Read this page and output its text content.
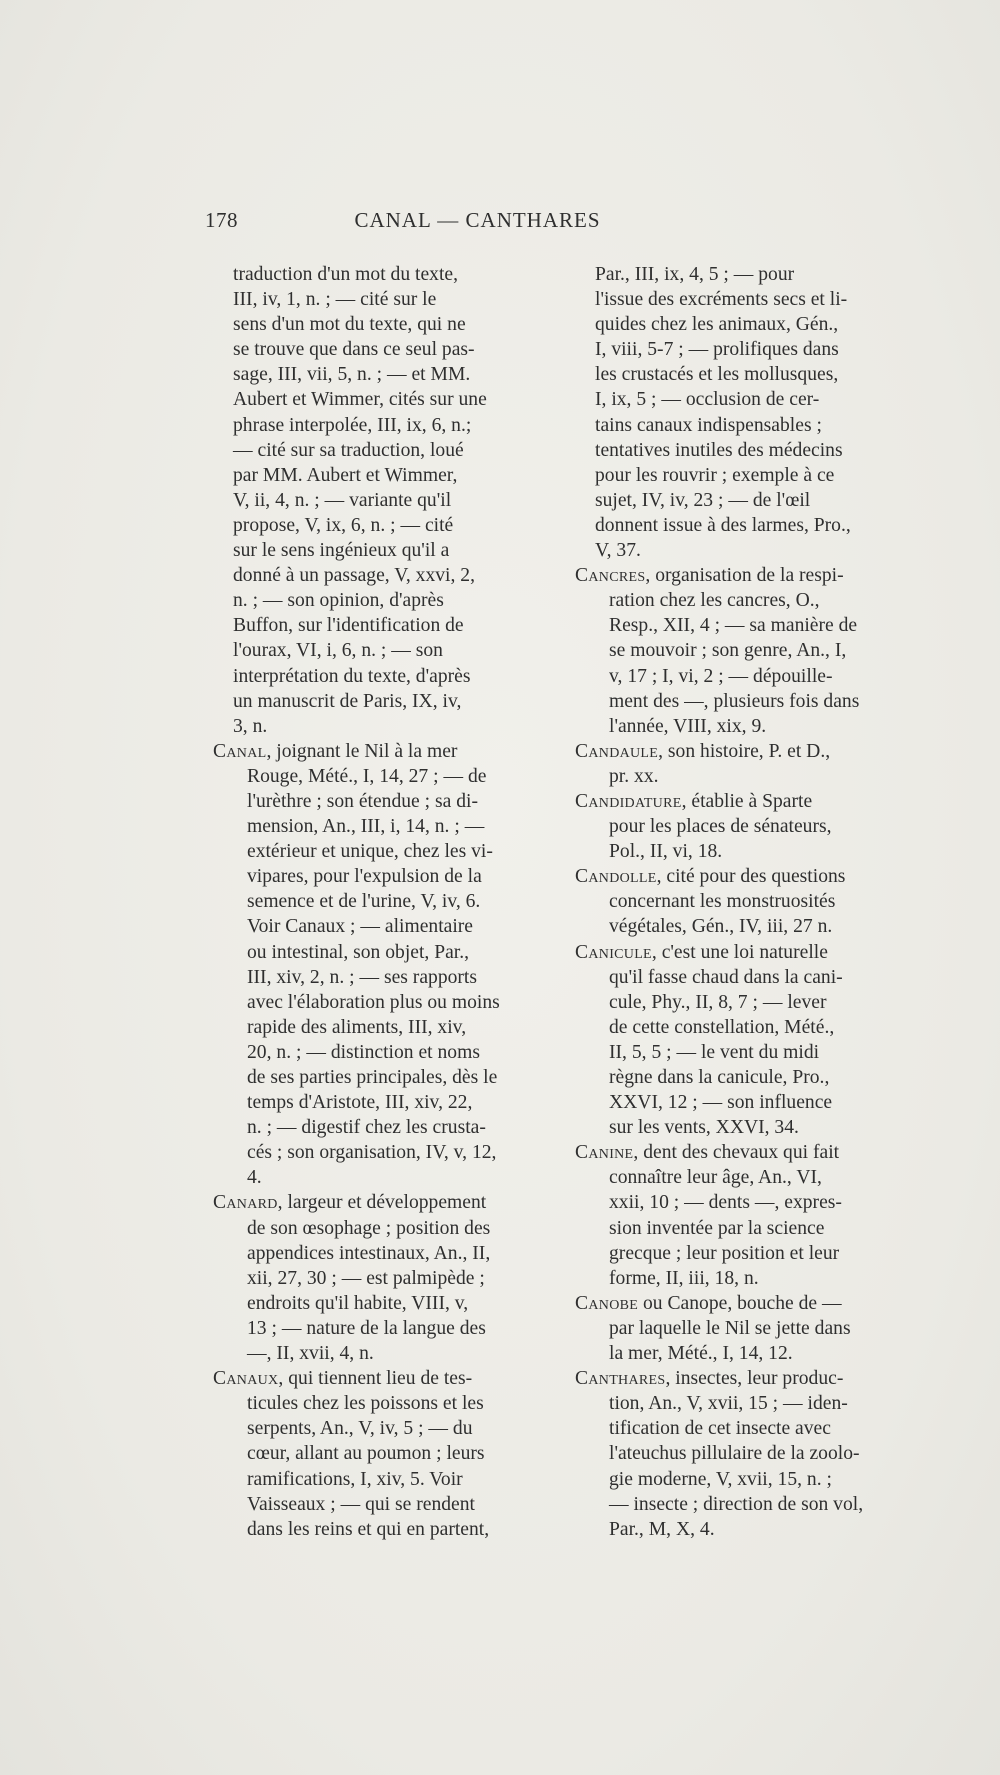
178	CANAL — CANTHARES
traduction d'un mot du texte,
III, iv, 1, n. ; — cité sur le
sens d'un mot du texte, qui ne
se trouve que dans ce seul pas-
sage, III, vii, 5, n. ; — et MM.
Aubert et Wimmer, cités sur une
phrase interpolée, III, ix, 6, n.;
— cité sur sa traduction, loué
par MM. Aubert et Wimmer,
V, ii, 4, n. ; — variante qu'il
propose, V, ix, 6, n. ; — cité
sur le sens ingénieux qu'il a
donné à un passage, V, xxvi, 2,
n. ; — son opinion, d'après
Buffon, sur l'identification de
l'ourax, VI, i, 6, n. ; — son
interprétation du texte, d'après
un manuscrit de Paris, IX, iv,
3, n.
Canal, joignant le Nil à la mer
Rouge, Mété., I, 14, 27 ; — de
l'urèthre ; son étendue ; sa di-
mension, An., III, i, 14, n. ; —
extérieur et unique, chez les vi-
vipares, pour l'expulsion de la
semence et de l'urine, V, iv, 6.
Voir Canaux ; — alimentaire
ou intestinal, son objet, Par.,
III, xiv, 2, n. ; — ses rapports
avec l'élaboration plus ou moins
rapide des aliments, III, xiv,
20, n. ; — distinction et noms
de ses parties principales, dès le
temps d'Aristote, III, xiv, 22,
n. ; — digestif chez les crusta-
cés ; son organisation, IV, v, 12,
4.
Canard, largeur et développement
de son œsophage ; position des
appendices intestinaux, An., II,
xii, 27, 30 ; — est palmipède ;
endroits qu'il habite, VIII, v,
13 ; — nature de la langue des
—, II, xvii, 4, n.
Canaux, qui tiennent lieu de tes-
ticules chez les poissons et les
serpents, An., V, iv, 5 ; — du
cœur, allant au poumon ; leurs
ramifications, I, xiv, 5. Voir
Vaisseaux ; — qui se rendent
dans les reins et qui en partent,
Par., III, ix, 4, 5 ; — pour
l'issue des excréments secs et li-
quides chez les animaux, Gén.,
I, viii, 5-7 ; — prolifiques dans
les crustacés et les mollusques,
I, ix, 5 ; — occlusion de cer-
tains canaux indispensables ;
tentatives inutiles des médecins
pour les rouvrir ; exemple à ce
sujet, IV, iv, 23 ; — de l'œil
donnent issue à des larmes, Pro.,
V, 37.
Cancres, organisation de la respi-
ration chez les cancres, O.,
Resp., XII, 4 ; — sa manière de
se mouvoir ; son genre, An., I,
v, 17 ; I, vi, 2 ; — dépouille-
ment des —, plusieurs fois dans
l'année, VIII, xix, 9.
Candaule, son histoire, P. et D.,
pr. xx.
Candidature, établie à Sparte
pour les places de sénateurs,
Pol., II, vi, 18.
Candolle, cité pour des questions
concernant les monstruosités
végétales, Gén., IV, iii, 27 n.
Canicule, c'est une loi naturelle
qu'il fasse chaud dans la cani-
cule, Phy., II, 8, 7 ; — lever
de cette constellation, Mété.,
II, 5, 5 ; — le vent du midi
règne dans la canicule, Pro.,
XXVI, 12 ; — son influence
sur les vents, XXVI, 34.
Canine, dent des chevaux qui fait
connaître leur âge, An., VI,
xxii, 10 ; — dents —, expres-
sion inventée par la science
grecque ; leur position et leur
forme, II, iii, 18, n.
Canobe ou Canope, bouche de —
par laquelle le Nil se jette dans
la mer, Mété., I, 14, 12.
Canthares, insectes, leur produc-
tion, An., V, xvii, 15 ; — iden-
tification de cet insecte avec
l'ateuchus pillulaire de la zoolo-
gie moderne, V, xvii, 15, n. ;
— insecte ; direction de son vol,
Par., M, X, 4.
